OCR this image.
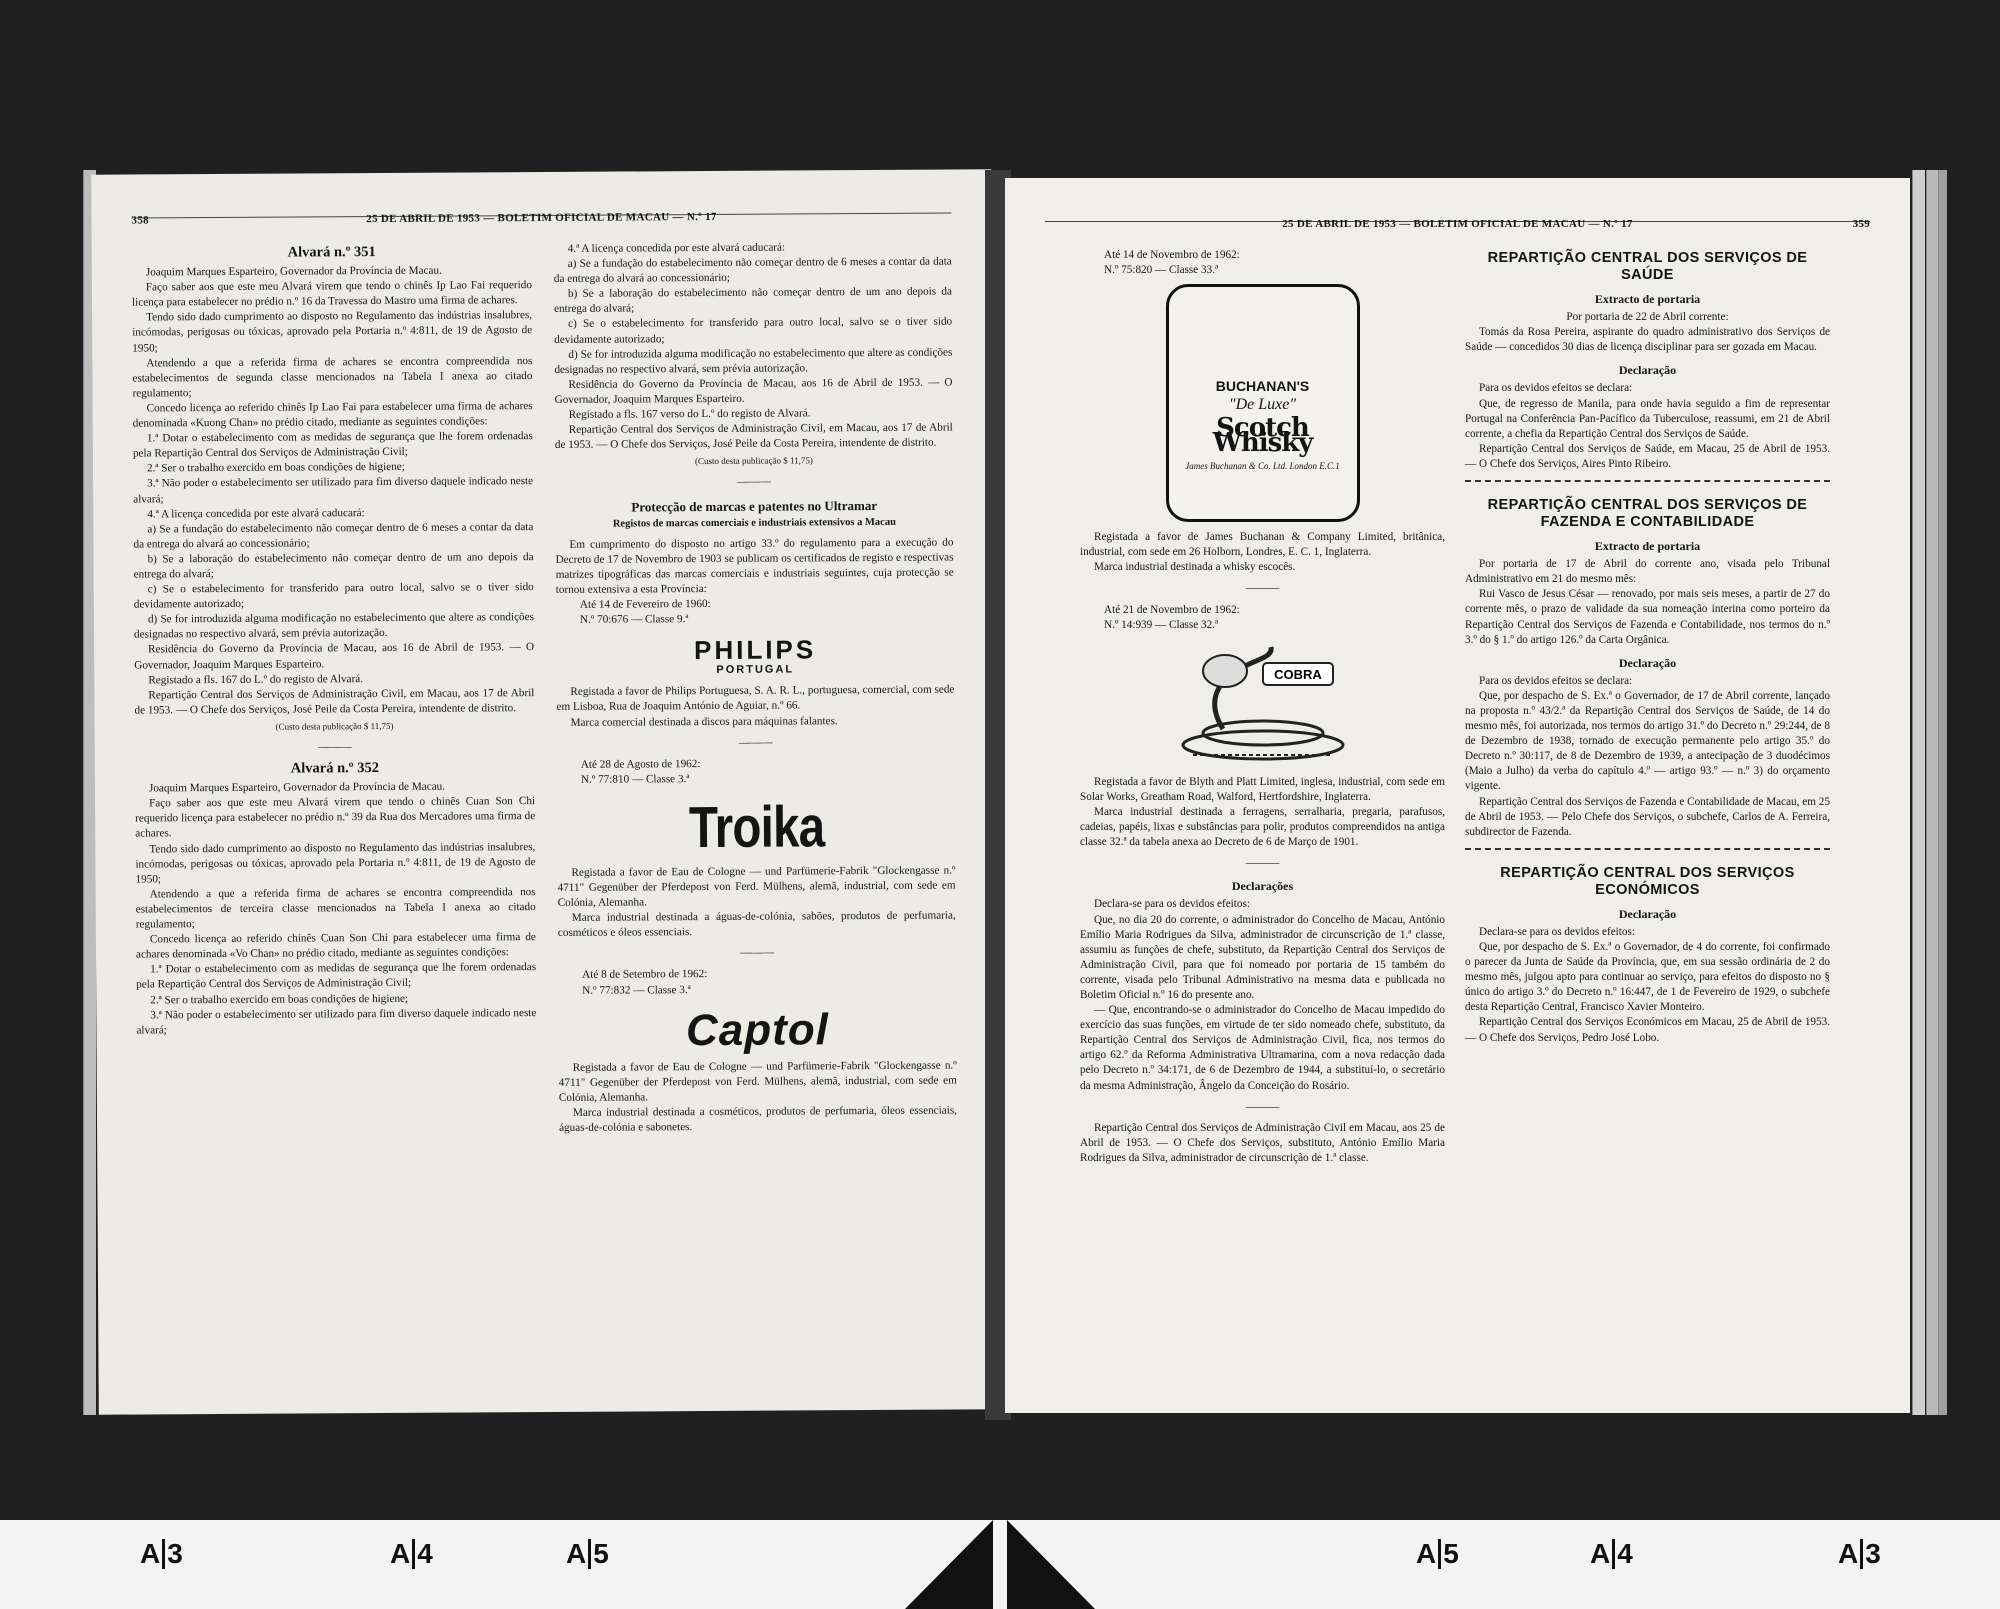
358	25 DE ABRIL DE 1953 — BOLETIM OFICIAL DE MACAU — N.º 17

Alvará n.º 351

Joaquim Marques Esparteiro, Governador da Província de Macau.

Faço saber aos que este meu Alvará virem que tendo o chinês Ip Lao Fai requerido licença para estabelecer no prédio n.º 16 da Travessa do Mastro uma firma de achares.

Tendo sido dado cumprimento ao disposto no Regulamento das indústrias insalubres, incómodas, perigosas ou tóxicas, aprovado pela Portaria n.º 4:811, de 19 de Agosto de 1950;

Atendendo a que a referida firma de achares se encontra compreendida nos estabelecimentos de segunda classe mencionados na Tabela I anexa ao citado regulamento;

Concedo licença ao referido chinês Ip Lao Fai para estabelecer uma firma de achares denominada «Kuong Chan» no prédio citado, mediante as seguintes condições:

1.ª Dotar o estabelecimento com as medidas de segurança que lhe forem ordenadas pela Repartição Central dos Serviços de Administração Civil;

2.ª Ser o trabalho exercido em boas condições de higiene;

3.ª Não poder o estabelecimento ser utilizado para fim diverso daquele indicado neste alvará;

4.ª A licença concedida por este alvará caducará:

a) Se a fundação do estabelecimento não começar dentro de 6 meses a contar da data da entrega do alvará ao concessionário;

b) Se a laboração do estabelecimento não começar dentro de um ano depois da entrega do alvará;

c) Se o estabelecimento for transferido para outro local, salvo se o tiver sido devidamente autorizado;

d) Se for introduzida alguma modificação no estabelecimento que altere as condições designadas no respectivo alvará, sem prévia autorização.

Residência do Governo da Província de Macau, aos 16 de Abril de 1953. — O Governador, Joaquim Marques Esparteiro.

Registado a fls. 167 do L.º do registo de Alvará.

Repartição Central dos Serviços de Administração Civil, em Macau, aos 17 de Abril de 1953. — O Chefe dos Serviços, José Peile da Costa Pereira, intendente de distrito.

(Custo desta publicação $ 11,75)

———

Alvará n.º 352

Joaquim Marques Esparteiro, Governador da Província de Macau.

Faço saber aos que este meu Alvará virem que tendo o chinês Cuan Son Chi requerido licença para estabelecer no prédio n.º 39 da Rua dos Mercadores uma firma de achares.

Tendo sido dado cumprimento ao disposto no Regulamento das indústrias insalubres, incómodas, perigosas ou tóxicas, aprovado pela Portaria n.º 4:811, de 19 de Agosto de 1950;

Atendendo a que a referida firma de achares se encontra compreendida nos estabelecimentos de terceira classe mencionados na Tabela I anexa ao citado regulamento;

Concedo licença ao referido chinês Cuan Son Chi para estabelecer uma firma de achares denominada «Vo Chan» no prédio citado, mediante as seguintes condições:

1.ª Dotar o estabelecimento com as medidas de segurança que lhe forem ordenadas pela Repartição Central dos Serviços de Administração Civil;

2.ª Ser o trabalho exercido em boas condições de higiene;

3.ª Não poder o estabelecimento ser utilizado para fim diverso daquele indicado neste alvará;

4.ª A licença concedida por este alvará caducará:

a) Se a fundação do estabelecimento não começar dentro de 6 meses a contar da data da entrega do alvará ao concessionário;

b) Se a laboração do estabelecimento não começar dentro de um ano depois da entrega do alvará;

c) Se o estabelecimento for transferido para outro local, salvo se o tiver sido devidamente autorizado;

d) Se for introduzida alguma modificação no estabelecimento que altere as condições designadas no respectivo alvará, sem prévia autorização.

Residência do Governo da Província de Macau, aos 16 de Abril de 1953. — O Governador, Joaquim Marques Esparteiro.

Registado a fls. 167 verso do L.º do registo de Alvará.

Repartição Central dos Serviços de Administração Civil, em Macau, aos 17 de Abril de 1953. — O Chefe dos Serviços, José Peile da Costa Pereira, intendente de distrito.

(Custo desta publicação $ 11,75)

———

Protecção de marcas e patentes no Ultramar

Registos de marcas comerciais e industriais extensivos a Macau

Em cumprimento do disposto no artigo 33.º do regulamento para a execução do Decreto de 17 de Novembro de 1903 se publicam os certificados de registo e respectivas matrizes tipográficas das marcas comerciais e industriais seguintes, cuja protecção se tornou extensiva a esta Província:

Até 14 de Fevereiro de 1960:

N.º 70:676 — Classe 9.ª

PHILIPS
PORTUGAL

Registada a favor de Philips Portuguesa, S. A. R. L., portuguesa, comercial, com sede em Lisboa, Rua de Joaquim António de Aguiar, n.º 66.

Marca comercial destinada a discos para máquinas falantes.

———

Até 28 de Agosto de 1962:

N.º 77:810 — Classe 3.ª

Troika

Registada a favor de Eau de Cologne — und Parfümerie-Fabrik "Glockengasse n.º 4711" Gegenüber der Pferdepost von Ferd. Mülhens, alemã, industrial, com sede em Colónia, Alemanha.

Marca industrial destinada a águas-de-colónia, sabões, produtos de perfumaria, cosméticos e óleos essenciais.

———

Até 8 de Setembro de 1962:

N.º 77:832 — Classe 3.ª

Captol

Registada a favor de Eau de Cologne — und Parfümerie-Fabrik "Glockengasse n.º 4711" Gegenüber der Pferdepost von Ferd. Mülhens, alemã, industrial, com sede em Colónia, Alemanha.

Marca industrial destinada a cosméticos, produtos de perfumaria, óleos essenciais, águas-de-colónia e sabonetes.

25 DE ABRIL DE 1953 — BOLETIM OFICIAL DE MACAU — N.º 17	359

Até 14 de Novembro de 1962:

N.º 75:820 — Classe 33.ª

BUCHANAN'S
"De Luxe"
Scotch Whisky
James Buchanan & Co. Ltd. London E.C.1

Registada a favor de James Buchanan & Company Limited, britânica, industrial, com sede em 26 Holborn, Londres, E. C. 1, Inglaterra.

Marca industrial destinada a whisky escocês.

———

Até 21 de Novembro de 1962:

N.º 14:939 — Classe 32.ª

COBRA

Registada a favor de Blyth and Platt Limited, inglesa, industrial, com sede em Solar Works, Greatham Road, Walford, Hertfordshire, Inglaterra.

Marca industrial destinada a ferragens, serralharia, pregaria, parafusos, cadeias, papéis, lixas e substâncias para polir, produtos compreendidos na antiga classe 32.ª da tabela anexa ao Decreto de 6 de Março de 1901.

———

Declarações

Declara-se para os devidos efeitos:

Que, no dia 20 do corrente, o administrador do Concelho de Macau, António Emílio Maria Rodrigues da Silva, administrador de circunscrição de 1.ª classe, assumiu as funções de chefe, substituto, da Repartição Central dos Serviços de Administração Civil, para que foi nomeado por portaria de 15 também do corrente, visada pelo Tribunal Administrativo na mesma data e publicada no Boletim Oficial n.º 16 do presente ano.

— Que, encontrando-se o administrador do Concelho de Macau impedido do exercício das suas funções, em virtude de ter sido nomeado chefe, substituto, da Repartição Central dos Serviços de Administração Civil, fica, nos termos do artigo 62.º da Reforma Administrativa Ultramarina, com a nova redacção dada pelo Decreto n.º 34:171, de 6 de Dezembro de 1944, a substituí-lo, o secretário da mesma Administração, Ângelo da Conceição do Rosário.

———

Repartição Central dos Serviços de Administração Civil em Macau, aos 25 de Abril de 1953. — O Chefe dos Serviços, substituto, António Emílio Maria Rodrigues da Silva, administrador de circunscrição de 1.ª classe.

REPARTIÇÃO CENTRAL DOS SERVIÇOS DE SAÚDE

Extracto de portaria

Por portaria de 22 de Abril corrente:

Tomás da Rosa Pereira, aspirante do quadro administrativo dos Serviços de Saúde — concedidos 30 dias de licença disciplinar para ser gozada em Macau.

Declaração

Para os devidos efeitos se declara:

Que, de regresso de Manila, para onde havia seguido a fim de representar Portugal na Conferência Pan-Pacífico da Tuberculose, reassumi, em 21 de Abril corrente, a chefia da Repartição Central dos Serviços de Saúde.

Repartição Central dos Serviços de Saúde, em Macau, 25 de Abril de 1953. — O Chefe dos Serviços, Aires Pinto Ribeiro.

REPARTIÇÃO CENTRAL DOS SERVIÇOS DE FAZENDA E CONTABILIDADE

Extracto de portaria

Por portaria de 17 de Abril do corrente ano, visada pelo Tribunal Administrativo em 21 do mesmo mês:

Rui Vasco de Jesus César — renovado, por mais seis meses, a partir de 27 do corrente mês, o prazo de validade da sua nomeação interina como porteiro da Repartição Central dos Serviços de Fazenda e Contabilidade, nos termos do n.º 3.º do § 1.º do artigo 126.º da Carta Orgânica.

Declaração

Para os devidos efeitos se declara:

Que, por despacho de S. Ex.ª o Governador, de 17 de Abril corrente, lançado na proposta n.º 43/2.ª da Repartição Central dos Serviços de Saúde, de 14 do mesmo mês, foi autorizada, nos termos do artigo 31.º do Decreto n.º 29:244, de 8 de Dezembro de 1938, tornado de execução permanente pelo artigo 35.º do Decreto n.º 30:117, de 8 de Dezembro de 1939, a antecipação de 3 duodécimos (Maio a Julho) da verba do capítulo 4.º — artigo 93.º — n.º 3) do orçamento vigente.

Repartição Central dos Serviços de Fazenda e Contabilidade de Macau, em 25 de Abril de 1953. — Pelo Chefe dos Serviços, o subchefe, Carlos de A. Ferreira, subdirector de Fazenda.

REPARTIÇÃO CENTRAL DOS SERVIÇOS ECONÓMICOS

Declaração

Declara-se para os devidos efeitos:

Que, por despacho de S. Ex.ª o Governador, de 4 do corrente, foi confirmado o parecer da Junta de Saúde da Província, que, em sua sessão ordinária de 2 do mesmo mês, julgou apto para continuar ao serviço, para efeitos do disposto no § único do artigo 3.º do Decreto n.º 16:447, de 1 de Fevereiro de 1929, o subchefe desta Repartição Central, Francisco Xavier Monteiro.

Repartição Central dos Serviços Económicos em Macau, 25 de Abril de 1953. — O Chefe dos Serviços, Pedro José Lobo.

A 3	A 4	A 5	A 5	A 4	A 3
